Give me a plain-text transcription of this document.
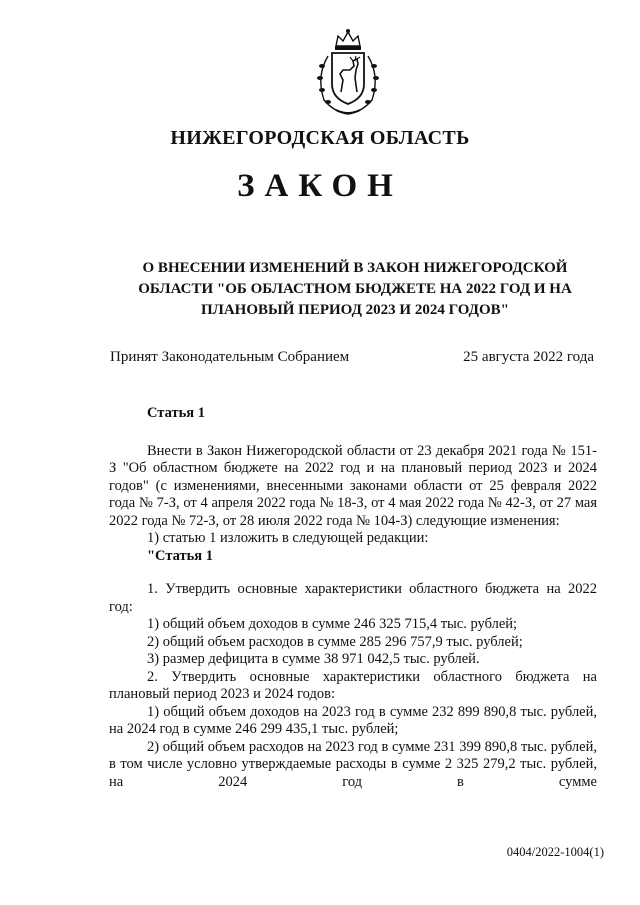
НИЖЕГОРОДСКАЯ ОБЛАСТЬ
ЗАКОН
О ВНЕСЕНИИ ИЗМЕНЕНИЙ В ЗАКОН НИЖЕГОРОДСКОЙ
ОБЛАСТИ "ОБ ОБЛАСТНОМ БЮДЖЕТЕ НА 2022 ГОД И НА
ПЛАНОВЫЙ ПЕРИОД 2023 И 2024 ГОДОВ"
Принят Законодательным Собранием	25 августа 2022 года

Статья 1

Внести в Закон Нижегородской области от 23 декабря 2021 года № 151-З "Об областном бюджете на 2022 год и на плановый период 2023 и 2024 годов" (с изменениями, внесенными законами области от 25 февраля 2022 года № 7-З, от 4 апреля 2022 года № 18-З, от 4 мая 2022 года № 42-З, от 27 мая 2022 года № 72-З, от 28 июля 2022 года № 104-З) следующие изменения:

1) статью 1 изложить в следующей редакции:

"Статья 1

1. Утвердить основные характеристики областного бюджета на 2022 год:

1) общий объем доходов в сумме 246 325 715,4 тыс. рублей;

2) общий объем расходов в сумме 285 296 757,9 тыс. рублей;

3) размер дефицита в сумме 38 971 042,5 тыс. рублей.

2. Утвердить основные характеристики областного бюджета на плановый период 2023 и 2024 годов:

1) общий объем доходов на 2023 год в сумме 232 899 890,8 тыс. рублей, на 2024 год в сумме 246 299 435,1 тыс. рублей;

2) общий объем расходов на 2023 год в сумме 231 399 890,8 тыс. рублей, в том числе условно утверждаемые расходы в сумме 2 325 279,2 тыс. рублей, на 2024 год в сумме

0404/2022-1004(1)
